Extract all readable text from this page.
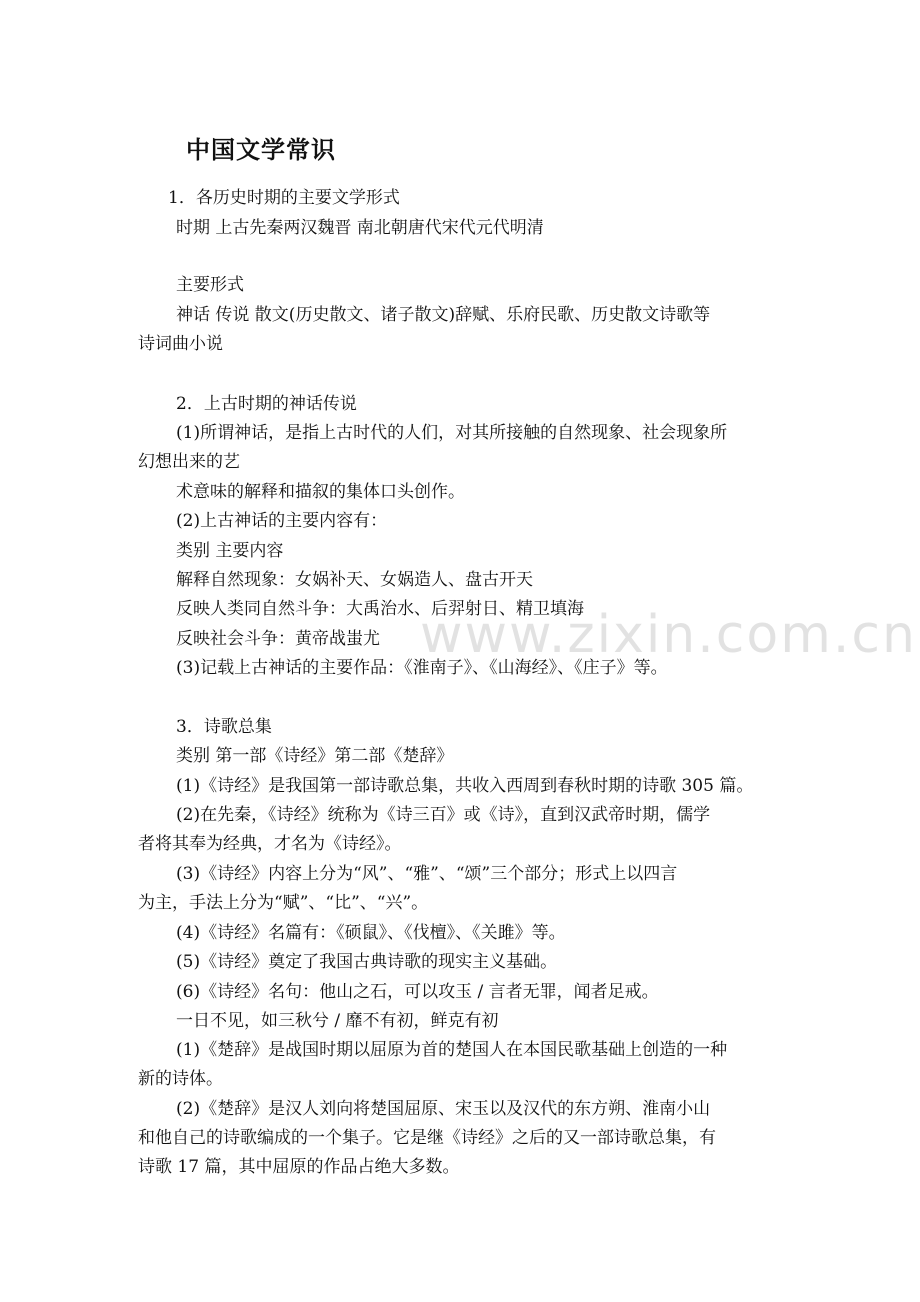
中国文学常识
1．各历史时期的主要文学形式
时期 上古先秦两汉魏晋 南北朝唐代宋代元代明清
主要形式
神话 传说 散文(历史散文、诸子散文)辞赋、乐府民歌、历史散文诗歌等
诗词曲小说
2．上古时期的神话传说
(1)所谓神话，是指上古时代的人们，对其所接触的自然现象、社会现象所
幻想出来的艺
术意味的解释和描叙的集体口头创作。
(2)上古神话的主要内容有：
类别 主要内容
解释自然现象：女娲补天、女娲造人、盘古开天
反映人类同自然斗争：大禹治水、后羿射日、精卫填海
反映社会斗争：黄帝战蚩尤
(3)记载上古神话的主要作品：《淮南子》、《山海经》、《庄子》等。
3．诗歌总集
类别 第一部《诗经》第二部《楚辞》
(1)《诗经》是我国第一部诗歌总集，共收入西周到春秋时期的诗歌 305 篇。
(2)在先秦，《诗经》统称为《诗三百》或《诗》，直到汉武帝时期，儒学
者将其奉为经典，才名为《诗经》。
(3)《诗经》内容上分为“风”、“雅”、“颂”三个部分；形式上以四言
为主，手法上分为“赋”、“比”、“兴”。
(4)《诗经》名篇有：《硕鼠》、《伐檀》、《关雎》等。
(5)《诗经》奠定了我国古典诗歌的现实主义基础。
(6)《诗经》名句：他山之石，可以攻玉 / 言者无罪，闻者足戒。
一日不见，如三秋兮 / 靡不有初，鲜克有初
(1)《楚辞》是战国时期以屈原为首的楚国人在本国民歌基础上创造的一种
新的诗体。
(2)《楚辞》是汉人刘向将楚国屈原、宋玉以及汉代的东方朔、淮南小山
和他自己的诗歌编成的一个集子。它是继《诗经》之后的又一部诗歌总集，有
诗歌 17 篇，其中屈原的作品占绝大多数。
www.zixin.com.cn
